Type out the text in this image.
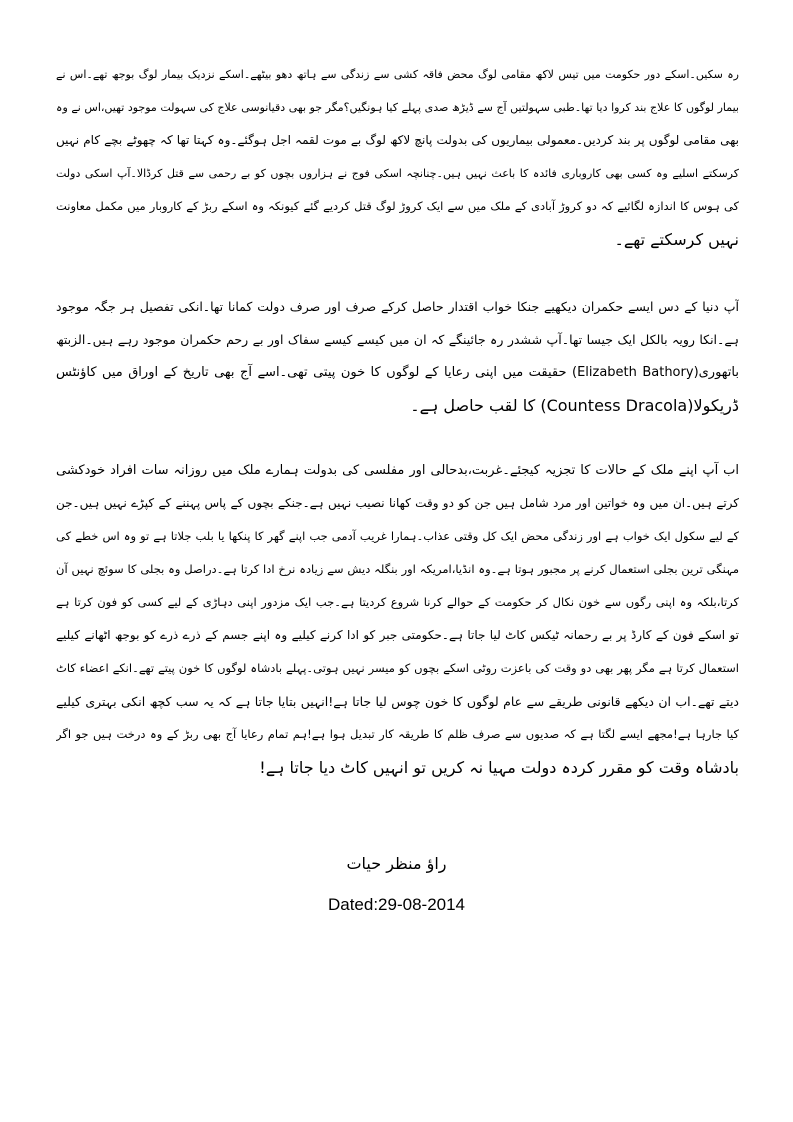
رہ سکیں۔اسکے دور حکومت میں تیس لاکھ مقامی لوگ محض فاقہ کشی سے زندگی سے ہاتھ دھو بیٹھے۔اسکے نزدیک بیمار لوگ بوجھ تھے۔اس نے
بیمار لوگوں کا علاج بند کروا دیا تھا۔طبی سہولتیں آج سے ڈیڑھ صدی پہلے کیا ہونگیں؟مگر جو بھی دقیانوسی علاج کی سہولت موجود تھیں،اس نے وہ
بھی مقامی لوگوں پر بند کردیں۔معمولی بیماریوں کی بدولت پانچ لاکھ لوگ بے موت لقمہ اجل ہوگئے۔وہ کہتا تھا کہ چھوٹے بچے کام نہیں
کرسکتے اسلیے وہ کسی بھی کاروباری فائدہ کا باعث نہیں ہیں۔چنانچہ اسکی فوج نے ہزاروں بچوں کو بے رحمی سے قتل کرڈالا۔آپ اسکی دولت
کی ہوس کا اندازہ لگائیے کہ دو کروڑ آبادی کے ملک میں سے ایک کروڑ لوگ قتل کردیے گئے کیونکہ وہ اسکے ربڑ کے کاروبار میں مکمل معاونت
نہیں کرسکتے تھے۔
آپ دنیا کے دس ایسے حکمران دیکھیے جنکا خواب اقتدار حاصل کرکے صرف اور صرف دولت کمانا تھا۔انکی تفصیل ہر جگہ موجود
ہے۔انکا رویہ بالکل ایک جیسا تھا۔آپ ششدر رہ جائینگے کہ ان میں کیسے کیسے سفاک اور بے رحم حکمران موجود رہے ہیں۔الزبتھ
باتھوری(Elizabeth Bathory) حقیقت میں اپنی رعایا کے لوگوں کا خون پیتی تھی۔اسے آج بھی تاریخ کے اوراق میں کاؤنٹس
ڈریکولا(Countess Dracola) کا لقب حاصل ہے۔
اب آپ اپنے ملک کے حالات کا تجزیہ کیجئے۔غربت،بدحالی اور مفلسی کی بدولت ہمارے ملک میں روزانہ سات افراد خودکشی
کرتے ہیں۔ان میں وہ خواتین اور مرد شامل ہیں جن کو دو وقت کھانا نصیب نہیں ہے۔جنکے بچوں کے پاس پہننے کے کپڑے نہیں ہیں۔جن
کے لیے سکول ایک خواب ہے اور زندگی محض ایک کل وقتی عذاب۔ہمارا غریب آدمی جب اپنے گھر کا پنکھا یا بلب جلاتا ہے تو وہ اس خطے کی
مہنگی ترین بجلی استعمال کرنے پر مجبور ہوتا ہے۔وہ انڈیا،امریکہ اور بنگلہ دیش سے زیادہ نرخ ادا کرتا ہے۔دراصل وہ بجلی کا سوئچ نہیں آن
کرتا،بلکہ وہ اپنی رگوں سے خون نکال کر حکومت کے حوالے کرنا شروع کردیتا ہے۔جب ایک مزدور اپنی دہاڑی کے لیے کسی کو فون کرتا ہے
تو اسکے فون کے کارڈ پر بے رحمانہ ٹیکس کاٹ لیا جاتا ہے۔حکومتی جبر کو ادا کرنے کیلیے وہ اپنے جسم کے ذرے ذرے کو بوجھ اٹھانے کیلیے
استعمال کرتا ہے مگر پھر بھی دو وقت کی باعزت روٹی اسکے بچوں کو میسر نہیں ہوتی۔پہلے بادشاہ لوگوں کا خون پیتے تھے۔انکے اعضاء کاٹ
دیتے تھے۔اب ان دیکھے قانونی طریقے سے عام لوگوں کا خون چوس لیا جاتا ہے!انہیں بتایا جاتا ہے کہ یہ سب کچھ انکی بہتری کیلیے
کیا جارہا ہے!مجھے ایسے لگتا ہے کہ صدیوں سے صرف ظلم کا طریقہ کار تبدیل ہوا ہے!ہم تمام رعایا آج بھی ربڑ کے وہ درخت ہیں جو اگر
بادشاہ وقت کو مقرر کردہ دولت مہیا نہ کریں تو انہیں کاٹ دیا جاتا ہے!
راؤ منظر حیات
Dated:29-08-2014
